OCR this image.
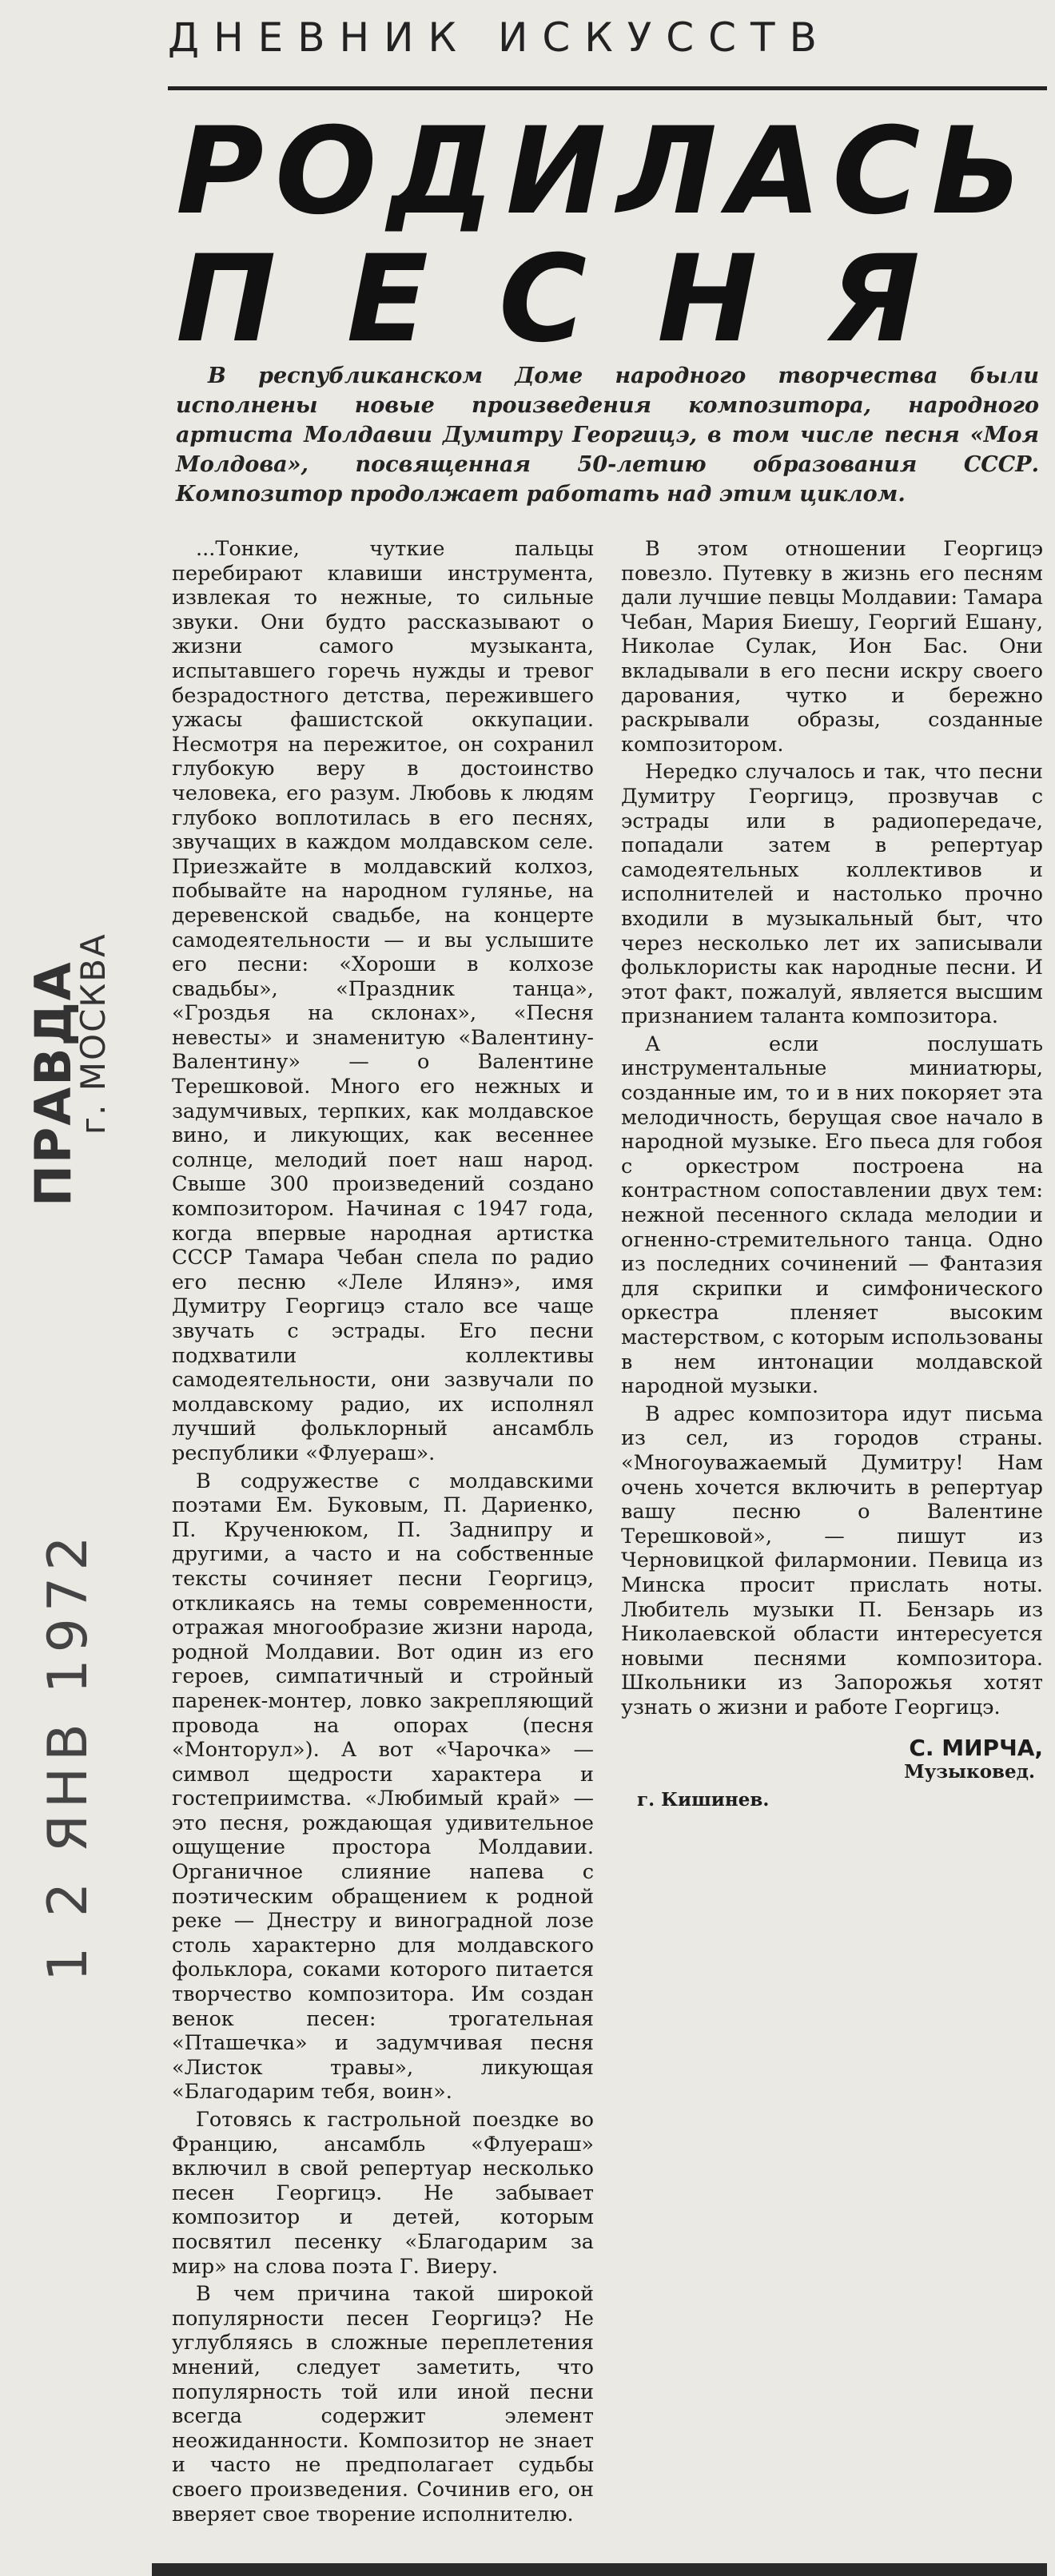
ПРАВДА
г. МОСКВА
1 2 ЯНВ 1972
ДНЕВНИК ИСКУССТВ
РОДИЛАСЬ
ПЕСНЯ
В республиканском Доме народного творчества были исполнены новые произведения композитора, народного артиста Молдавии Думитру Георгицэ, в том числе песня «Моя Молдова», посвященная 50-летию образования СССР. Композитор продолжает работать над этим циклом.

...Тонкие, чуткие пальцы перебирают клавиши инструмента, извлекая то нежные, то сильные звуки. Они будто рассказывают о жизни самого музыканта, испытавшего горечь нужды и тревог безрадостного детства, пережившего ужасы фашистской оккупации. Несмотря на пережитое, он сохранил глубокую веру в достоинство человека, его разум. Любовь к людям глубоко воплотилась в его песнях, звучащих в каждом молдавском селе. Приезжайте в молдавский колхоз, побывайте на народном гулянье, на деревенской свадьбе, на концерте самодеятельности — и вы услышите его песни: «Хороши в колхозе свадьбы», «Праздник танца», «Гроздья на склонах», «Песня невесты» и знаменитую «Валентину-Валентину» — о Валентине Терешковой. Много его нежных и задумчивых, терпких, как молдавское вино, и ликующих, как весеннее солнце, мелодий поет наш народ. Свыше 300 произведений создано композитором. Начиная с 1947 года, когда впервые народная артистка СССР Тамара Чебан спела по радио его песню «Леле Илянэ», имя Думитру Георгицэ стало все чаще звучать с эстрады. Его песни подхватили коллективы самодеятельности, они зазвучали по молдавскому радио, их исполнял лучший фольклорный ансамбль республики «Флуераш».

В содружестве с молдавскими поэтами Ем. Буковым, П. Дариенко, П. Крученюком, П. Заднипру и другими, а часто и на собственные тексты сочиняет песни Георгицэ, откликаясь на темы современности, отражая многообразие жизни народа, родной Молдавии. Вот один из его героев, симпатичный и стройный паренек-монтер, ловко закрепляющий провода на опорах (песня «Монторул»). А вот «Чарочка» — символ щедрости характера и гостеприимства. «Любимый край» — это песня, рождающая удивительное ощущение простора Молдавии. Органичное слияние напева с поэтическим обращением к родной реке — Днестру и виноградной лозе столь характерно для молдавского фольклора, соками которого питается творчество композитора. Им создан венок песен: трогательная «Пташечка» и задумчивая песня «Листок травы», ликующая «Благодарим тебя, воин».

Готовясь к гастрольной поездке во Францию, ансамбль «Флуераш» включил в свой репертуар несколько песен Георгицэ. Не забывает композитор и детей, которым посвятил песенку «Благодарим за мир» на слова поэта Г. Виеру.

В чем причина такой широкой популярности песен Георгицэ? Не углубляясь в сложные переплетения мнений, следует заметить, что популярность той или иной песни всегда содержит элемент неожиданности. Композитор не знает и часто не предполагает судьбы своего произведения. Сочинив его, он вверяет свое творение исполнителю.

В этом отношении Георгицэ повезло. Путевку в жизнь его песням дали лучшие певцы Молдавии: Тамара Чебан, Мария Биешу, Георгий Ешану, Николае Сулак, Ион Бас. Они вкладывали в его песни искру своего дарования, чутко и бережно раскрывали образы, созданные композитором.

Нередко случалось и так, что песни Думитру Георгицэ, прозвучав с эстрады или в радиопередаче, попадали затем в репертуар самодеятельных коллективов и исполнителей и настолько прочно входили в музыкальный быт, что через несколько лет их записывали фольклористы как народные песни. И этот факт, пожалуй, является высшим признанием таланта композитора.

А если послушать инструментальные миниатюры, созданные им, то и в них покоряет эта мелодичность, берущая свое начало в народной музыке. Его пьеса для гобоя с оркестром построена на контрастном сопоставлении двух тем: нежной песенного склада мелодии и огненно-стремительного танца. Одно из последних сочинений — Фантазия для скрипки и симфонического оркестра пленяет высоким мастерством, с которым использованы в нем интонации молдавской народной музыки.

В адрес композитора идут письма из сел, из городов страны. «Многоуважаемый Думитру! Нам очень хочется включить в репертуар вашу песню о Валентине Терешковой», — пишут из Черновицкой филармонии. Певица из Минска просит прислать ноты. Любитель музыки П. Бензарь из Николаевской области интересуется новыми песнями композитора. Школьники из Запорожья хотят узнать о жизни и работе Георгицэ.

С. МИРЧА,
Музыковед.
г. Кишинев.
